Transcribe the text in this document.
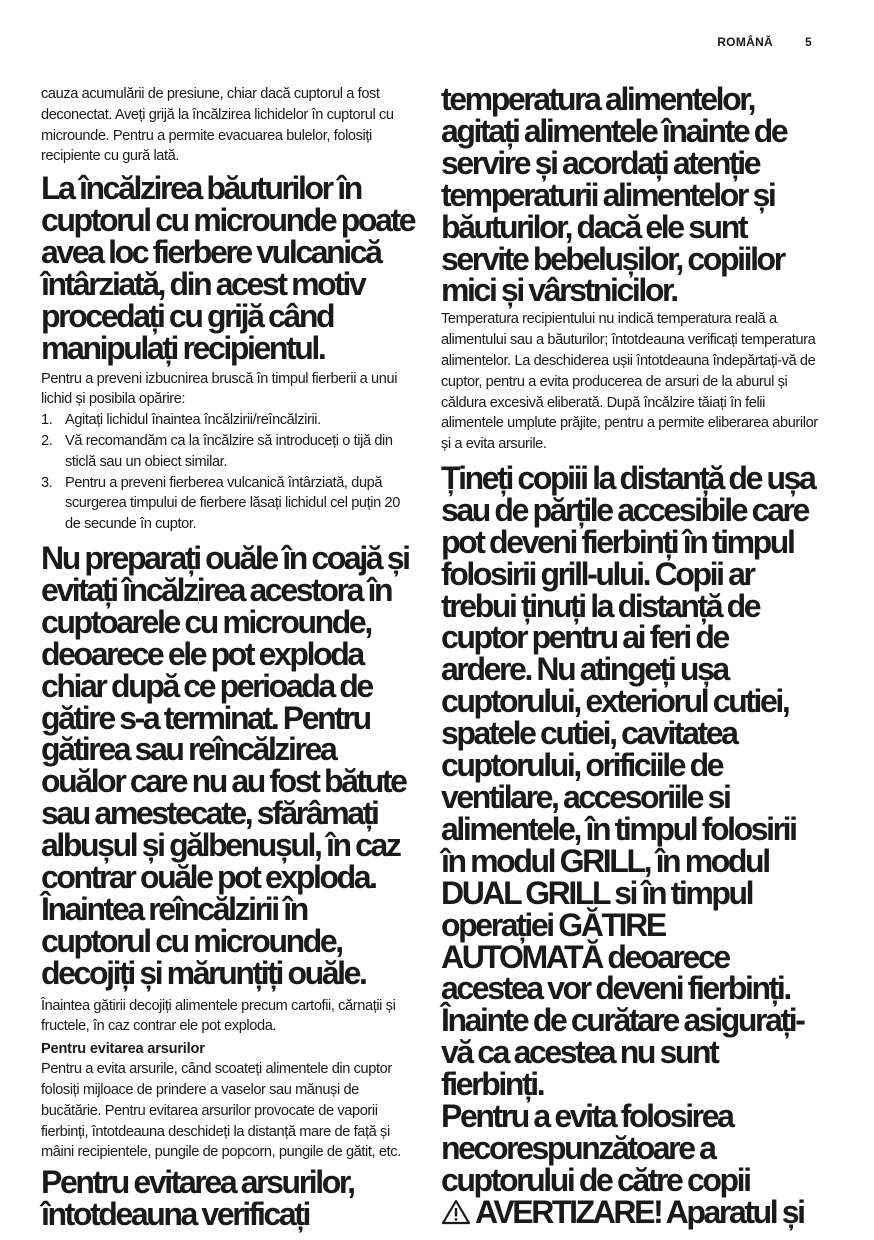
ROMÂNĂ	5

cauza acumulării de presiune, chiar dacă cuptorul a fost deconectat. Aveți grijă la încălzirea lichidelor în cuptorul cu microunde. Pentru a permite evacuarea bulelor, folosiți recipiente cu gură lată.

La încălzirea băuturilor în cuptorul cu microunde poate avea loc fierbere vulcanică întârziată, din acest motiv procedați cu grijă când manipulați recipientul.

Pentru a preveni izbucnirea bruscă în timpul fierberii a unui lichid și posibila opărire:

1. Agitați lichidul înaintea încălzirii/reîncălzirii.
2. Vă recomandăm ca la încălzire să introduceți o tijă din sticlă sau un obiect similar.
3. Pentru a preveni fierberea vulcanică întârziată, după scurgerea timpului de fierbere lăsați lichidul cel puțin 20 de secunde în cuptor.

Nu preparați ouăle în coajă și evitați încălzirea acestora în cuptoarele cu microunde, deoarece ele pot exploda chiar după ce perioada de gătire s-a terminat. Pentru gătirea sau reîncălzirea ouălor care nu au fost bătute sau amestecate, sfărâmați albușul și gălbenușul, în caz contrar ouăle pot exploda. Înaintea reîncălzirii în cuptorul cu microunde, decojiți și mărunțiți ouăle.

Înaintea gătirii decojiți alimentele precum cartofii, cărnații și fructele, în caz contrar ele pot exploda.

Pentru evitarea arsurilor

Pentru a evita arsurile, când scoateți alimentele din cuptor folosiți mijloace de prindere a vaselor sau mănuși de bucătărie. Pentru evitarea arsurilor provocate de vaporii fierbinți, întotdeauna deschideți la distanță mare de față și mâini recipientele, pungile de popcorn, pungile de gătit, etc.

Pentru evitarea arsurilor, întotdeauna verificați

temperatura alimentelor, agitați alimentele înainte de servire și acordați atenție temperaturii alimentelor și băuturilor, dacă ele sunt servite bebelușilor, copiilor mici și vârstnicilor.

Temperatura recipientului nu indică temperatura reală a alimentului sau a băuturilor; întotdeauna verificați temperatura alimentelor. La deschiderea ușii întotdeauna îndepărtați-vă de cuptor, pentru a evita producerea de arsuri de la aburul și căldura excesivă eliberată. După încălzire tăiați în felii alimentele umplute prăjite, pentru a permite eliberarea aburilor și a evita arsurile.

Țineți copiii la distanță de ușa sau de părțile accesibile care pot deveni fierbinți în timpul folosirii grill-ului. Copii ar trebui ținuți la distanță de cuptor pentru ai feri de ardere. Nu atingeți ușa cuptorului, exteriorul cutiei, spatele cutiei, cavitatea cuptorului, orificiile de ventilare, accesoriile si alimentele, în timpul folosirii în modul GRILL, în modul DUAL GRILL si în timpul operației GĂTIRE AUTOMATĂ deoarece acestea vor deveni fierbinți. Înainte de curătare asigurați-vă ca acestea nu sunt fierbinți.

Pentru a evita folosirea necorespunzătoare a cuptorului de către copii

AVERTIZARE! Aparatul și
